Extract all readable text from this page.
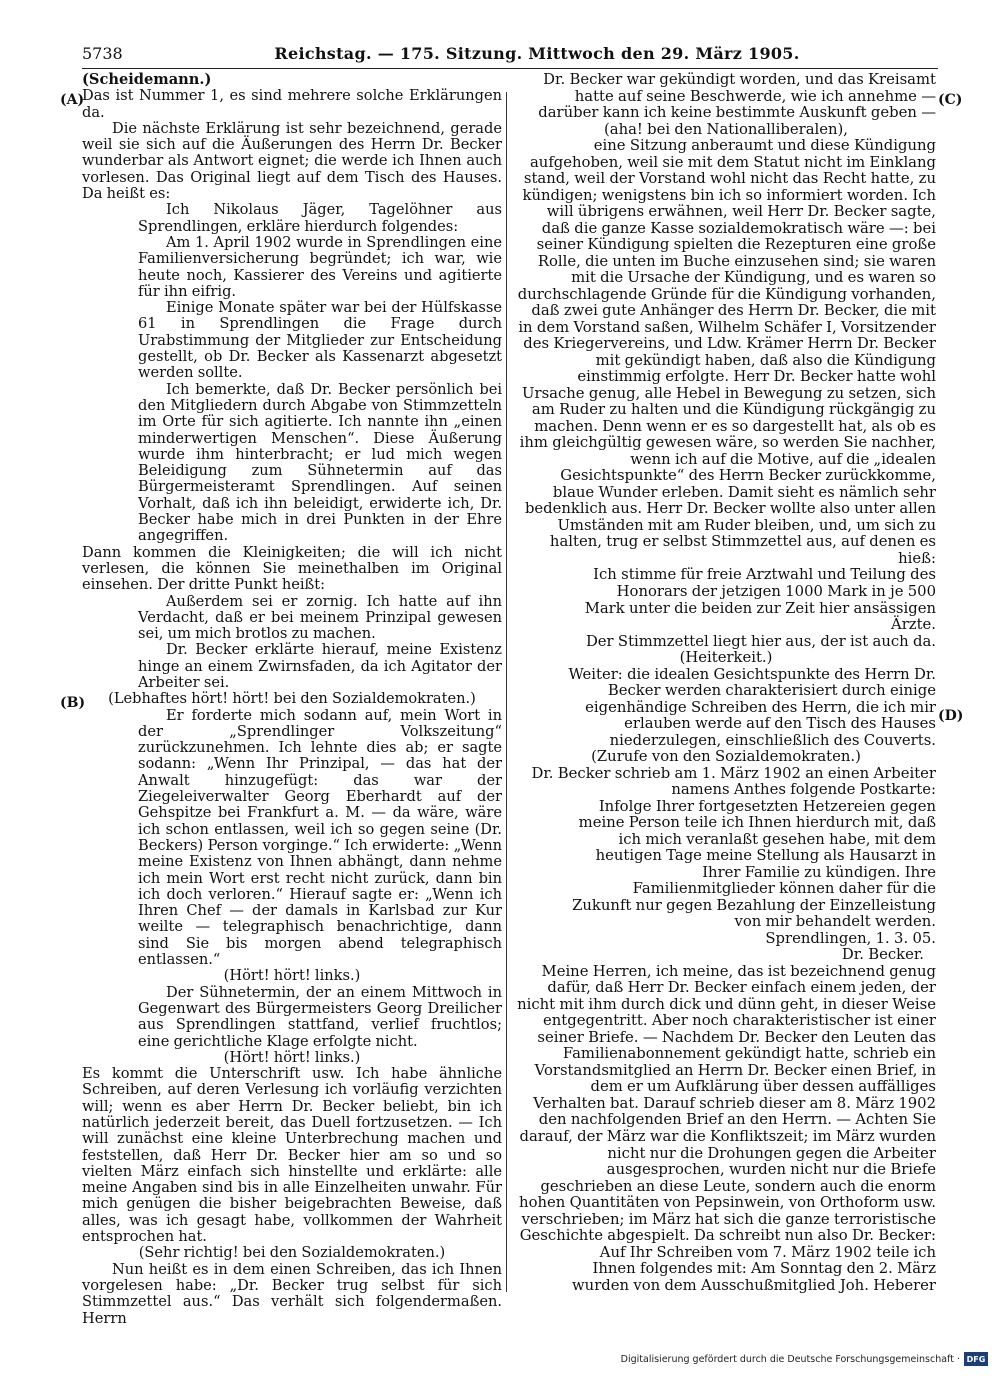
5738	Reichstag. — 175. Sitzung. Mittwoch den 29. März 1905.
(A)
(B)
(C)
(D)

(Scheidemann.)

Das ist Nummer 1, es sind mehrere solche Erklärungen da.

Die nächste Erklärung ist sehr bezeichnend, gerade weil sie sich auf die Äußerungen des Herrn Dr. Becker wunderbar als Antwort eignet; die werde ich Ihnen auch vorlesen. Das Original liegt auf dem Tisch des Hauses. Da heißt es:

Ich Nikolaus Jäger, Tagelöhner aus Sprendlingen, erkläre hierdurch folgendes:

Am 1. April 1902 wurde in Sprendlingen eine Familienversicherung begründet; ich war, wie heute noch, Kassierer des Vereins und agitierte für ihn eifrig.

Einige Monate später war bei der Hülfskasse 61 in Sprendlingen die Frage durch Urabstimmung der Mitglieder zur Entscheidung gestellt, ob Dr. Becker als Kassenarzt abgesetzt werden sollte.

Ich bemerkte, daß Dr. Becker persönlich bei den Mitgliedern durch Abgabe von Stimmzetteln im Orte für sich agitierte. Ich nannte ihn „einen minderwertigen Menschen“. Diese Äußerung wurde ihm hinterbracht; er lud mich wegen Beleidigung zum Sühnetermin auf das Bürgermeisteramt Sprendlingen. Auf seinen Vorhalt, daß ich ihn beleidigt, erwiderte ich, Dr. Becker habe mich in drei Punkten in der Ehre angegriffen.

Dann kommen die Kleinigkeiten; die will ich nicht verlesen, die können Sie meinethalben im Original einsehen. Der dritte Punkt heißt:

Außerdem sei er zornig. Ich hatte auf ihn Verdacht, daß er bei meinem Prinzipal gewesen sei, um mich brotlos zu machen.

Dr. Becker erklärte hierauf, meine Existenz hinge an einem Zwirnsfaden, da ich Agitator der Arbeiter sei.

(Lebhaftes hört! hört! bei den Sozialdemokraten.)

Er forderte mich sodann auf, mein Wort in der „Sprendlinger Volkszeitung“ zurückzunehmen. Ich lehnte dies ab; er sagte sodann: „Wenn Ihr Prinzipal, — das hat der Anwalt hinzugefügt: das war der Ziegeleiverwalter Georg Eberhardt auf der Gehspitze bei Frankfurt a. M. — da wäre, wäre ich schon entlassen, weil ich so gegen seine (Dr. Beckers) Person vorginge.“ Ich erwiderte: „Wenn meine Existenz von Ihnen abhängt, dann nehme ich mein Wort erst recht nicht zurück, dann bin ich doch verloren.“ Hierauf sagte er: „Wenn ich Ihren Chef — der damals in Karlsbad zur Kur weilte — telegraphisch benachrichtige, dann sind Sie bis morgen abend telegraphisch entlassen.“

(Hört! hört! links.)

Der Sühnetermin, der an einem Mittwoch in Gegenwart des Bürgermeisters Georg Dreilicher aus Sprendlingen stattfand, verlief fruchtlos; eine gerichtliche Klage erfolgte nicht.

(Hört! hört! links.)

Es kommt die Unterschrift usw. Ich habe ähnliche Schreiben, auf deren Verlesung ich vorläufig verzichten will; wenn es aber Herrn Dr. Becker beliebt, bin ich natürlich jederzeit bereit, das Duell fortzusetzen. — Ich will zunächst eine kleine Unterbrechung machen und feststellen, daß Herr Dr. Becker hier am so und so vielten März einfach sich hinstellte und erklärte: alle meine Angaben sind bis in alle Einzelheiten unwahr. Für mich genügen die bisher beigebrachten Beweise, daß alles, was ich gesagt habe, vollkommen der Wahrheit entsprochen hat.

(Sehr richtig! bei den Sozialdemokraten.)

Nun heißt es in dem einen Schreiben, das ich Ihnen vorgelesen habe: „Dr. Becker trug selbst für sich Stimmzettel aus.“ Das verhält sich folgendermaßen. Herrn

Dr. Becker war gekündigt worden, und das Kreisamt hatte auf seine Beschwerde, wie ich annehme — darüber kann ich keine bestimmte Auskunft geben —

(aha! bei den Nationalliberalen),

eine Sitzung anberaumt und diese Kündigung aufgehoben, weil sie mit dem Statut nicht im Einklang stand, weil der Vorstand wohl nicht das Recht hatte, zu kündigen; wenigstens bin ich so informiert worden. Ich will übrigens erwähnen, weil Herr Dr. Becker sagte, daß die ganze Kasse sozialdemokratisch wäre —: bei seiner Kündigung spielten die Rezepturen eine große Rolle, die unten im Buche einzusehen sind; sie waren mit die Ursache der Kündigung, und es waren so durchschlagende Gründe für die Kündigung vorhanden, daß zwei gute Anhänger des Herrn Dr. Becker, die mit in dem Vorstand saßen, Wilhelm Schäfer I, Vorsitzender des Kriegervereins, und Ldw. Krämer Herrn Dr. Becker mit gekündigt haben, daß also die Kündigung einstimmig erfolgte. Herr Dr. Becker hatte wohl Ursache genug, alle Hebel in Bewegung zu setzen, sich am Ruder zu halten und die Kündigung rückgängig zu machen. Denn wenn er es so dargestellt hat, als ob es ihm gleichgültig gewesen wäre, so werden Sie nachher, wenn ich auf die Motive, auf die „idealen Gesichtspunkte“ des Herrn Becker zurückkomme, blaue Wunder erleben. Damit sieht es nämlich sehr bedenklich aus. Herr Dr. Becker wollte also unter allen Umständen mit am Ruder bleiben, und, um sich zu halten, trug er selbst Stimmzettel aus, auf denen es hieß:

Ich stimme für freie Arztwahl und Teilung des Honorars der jetzigen 1000 Mark in je 500 Mark unter die beiden zur Zeit hier ansässigen Ärzte.

Der Stimmzettel liegt hier aus, der ist auch da.

(Heiterkeit.)

Weiter: die idealen Gesichtspunkte des Herrn Dr. Becker werden charakterisiert durch einige eigenhändige Schreiben des Herrn, die ich mir erlauben werde auf den Tisch des Hauses niederzulegen, einschließlich des Couverts.

(Zurufe von den Sozialdemokraten.)

Dr. Becker schrieb am 1. März 1902 an einen Arbeiter namens Anthes folgende Postkarte:

Infolge Ihrer fortgesetzten Hetzereien gegen meine Person teile ich Ihnen hierdurch mit, daß ich mich veranlaßt gesehen habe, mit dem heutigen Tage meine Stellung als Hausarzt in Ihrer Familie zu kündigen. Ihre Familienmitglieder können daher für die Zukunft nur gegen Bezahlung der Einzelleistung von mir behandelt werden.

Sprendlingen, 1. 3. 05.

Dr. Becker.

Meine Herren, ich meine, das ist bezeichnend genug dafür, daß Herr Dr. Becker einfach einem jeden, der nicht mit ihm durch dick und dünn geht, in dieser Weise entgegentritt. Aber noch charakteristischer ist einer seiner Briefe. — Nachdem Dr. Becker den Leuten das Familienabonnement gekündigt hatte, schrieb ein Vorstandsmitglied an Herrn Dr. Becker einen Brief, in dem er um Aufklärung über dessen auffälliges Verhalten bat. Darauf schrieb dieser am 8. März 1902 den nachfolgenden Brief an den Herrn. — Achten Sie darauf, der März war die Konfliktszeit; im März wurden nicht nur die Drohungen gegen die Arbeiter ausgesprochen, wurden nicht nur die Briefe geschrieben an diese Leute, sondern auch die enorm hohen Quantitäten von Pepsinwein, von Orthoform usw. verschrieben; im März hat sich die ganze terroristische Geschichte abgespielt. Da schreibt nun also Dr. Becker:

Auf Ihr Schreiben vom 7. März 1902 teile ich Ihnen folgendes mit: Am Sonntag den 2. März wurden von dem Ausschußmitglied Joh. Heberer

Digitalisierung gefördert durch die Deutsche Forschungsgemeinschaft · DFG
